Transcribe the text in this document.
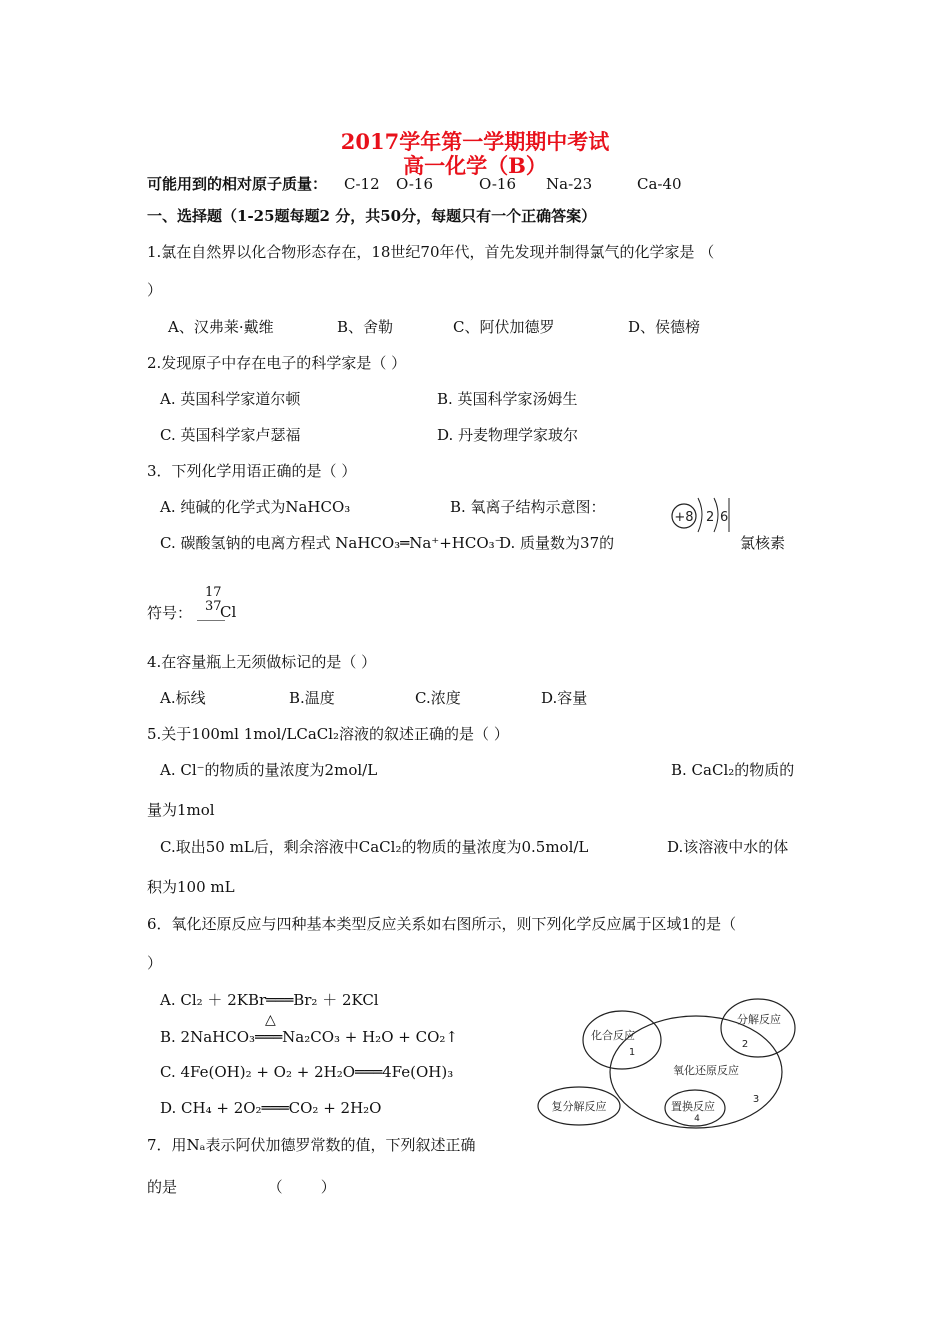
2017学年第一学期期中考试
高一化学（B）
可能用到的相对原子质量： C-12 O-16	O-16 Na-23	Ca-40
一、选择题（1-25题每题2 分，共50分，每题只有一个正确答案）
1.氯在自然界以化合物形态存在，18世纪70年代，首先发现并制得氯气的化学家是 （
）
A、汉弗莱·戴维	B、舍勒	C、阿伏加德罗	D、侯德榜
2.发现原子中存在电子的科学家是（ ）
A. 英国科学家道尔顿	B. 英国科学家汤姆生
C. 英国科学家卢瑟福	D. 丹麦物理学家玻尔
3．下列化学用语正确的是（ ）
A. 纯碱的化学式为NaHCO₃	B. 氧离子结构示意图：
+8 2 6
C. 碳酸氢钠的电离方程式 NaHCO₃═Na⁺+HCO₃⁻
D. 质量数为37的	氯核素
符号：
17
37
Cl
4.在容量瓶上无须做标记的是（ ）
A.标线	B.温度	C.浓度	D.容量
5.关于100ml 1mol/LCaCl₂溶液的叙述正确的是（ ）
A. Cl⁻的物质的量浓度为2mol/L	B. CaCl₂的物质的
量为1mol
C.取出50 mL后，剩余溶液中CaCl₂的物质的量浓度为0.5mol/L	D.该溶液中水的体
积为100 mL
6．氧化还原反应与四种基本类型反应关系如右图所示，则下列化学反应属于区域1的是（
）
A. Cl₂ ＋ 2KBr═══Br₂ ＋ 2KCl
△
B. 2NaHCO₃═══Na₂CO₃ + H₂O + CO₂↑
C. 4Fe(OH)₂ + O₂ + 2H₂O═══4Fe(OH)₃
D. CH₄ + 2O₂═══CO₂ + 2H₂O
化合反应
1
分解反应
2
氧化还原反应
3
复分解反应	置换反应
4
7．用Nₐ表示阿伏加德罗常数的值，下列叙述正确
的是                   （        ）
